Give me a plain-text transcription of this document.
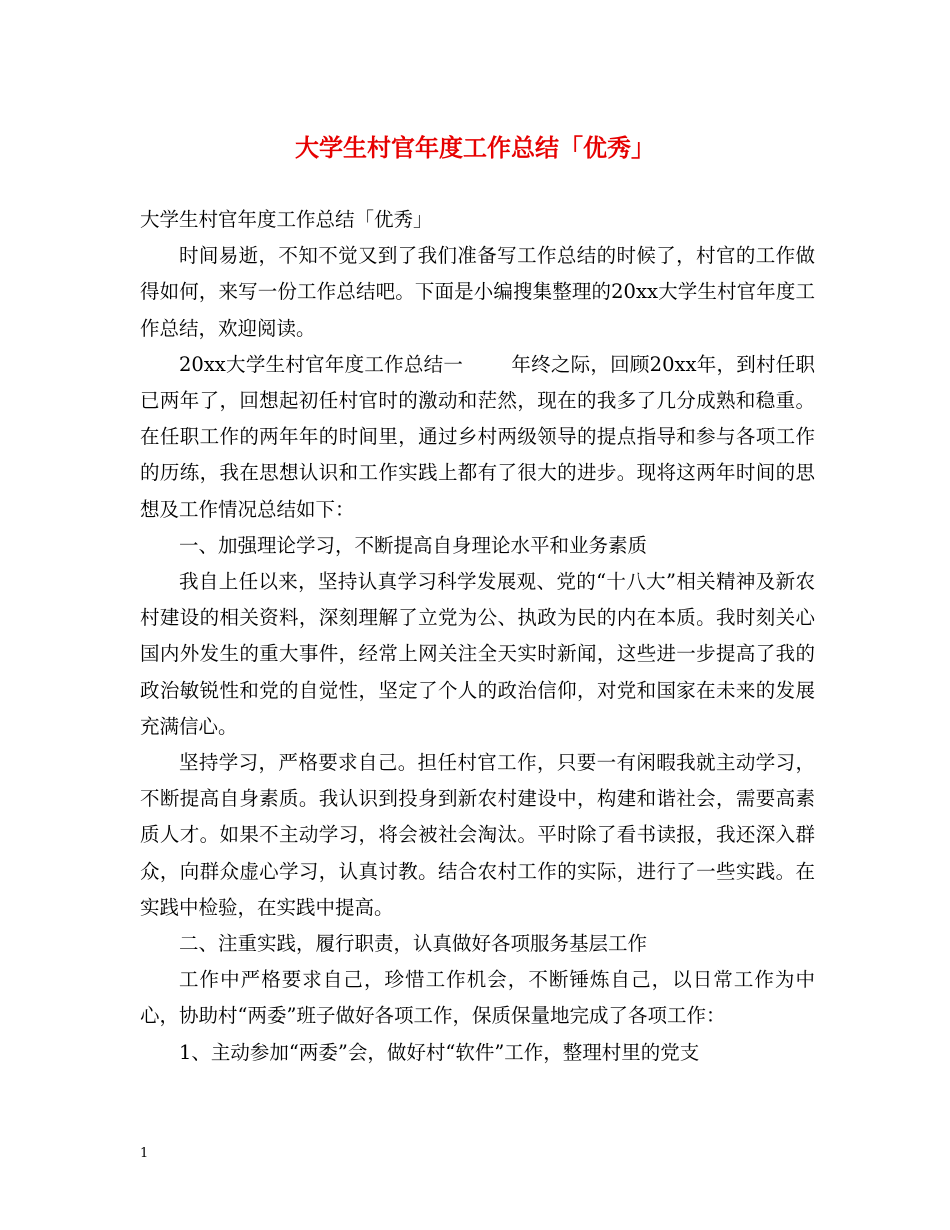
大学生村官年度工作总结「优秀」

大学生村官年度工作总结「优秀」

时间易逝，不知不觉又到了我们准备写工作总结的时候了，村官的工作做得如何，来写一份工作总结吧。下面是小编搜集整理的20xx大学生村官年度工作总结，欢迎阅读。

20xx大学生村官年度工作总结一 年终之际，回顾20xx年，到村任职已两年了，回想起初任村官时的激动和茫然，现在的我多了几分成熟和稳重。在任职工作的两年年的时间里，通过乡村两级领导的提点指导和参与各项工作的历练，我在思想认识和工作实践上都有了很大的进步。现将这两年时间的思想及工作情况总结如下：

一、加强理论学习，不断提高自身理论水平和业务素质

我自上任以来，坚持认真学习科学发展观、党的“十八大”相关精神及新农村建设的相关资料，深刻理解了立党为公、执政为民的内在本质。我时刻关心国内外发生的重大事件，经常上网关注全天实时新闻，这些进一步提高了我的政治敏锐性和党的自觉性，坚定了个人的政治信仰，对党和国家在未来的发展充满信心。

坚持学习，严格要求自己。担任村官工作，只要一有闲暇我就主动学习，不断提高自身素质。我认识到投身到新农村建设中，构建和谐社会，需要高素质人才。如果不主动学习，将会被社会淘汰。平时除了看书读报，我还深入群众，向群众虚心学习，认真讨教。结合农村工作的实际，进行了一些实践。在实践中检验，在实践中提高。

二、注重实践，履行职责，认真做好各项服务基层工作

工作中严格要求自己，珍惜工作机会，不断锤炼自己，以日常工作为中心，协助村“两委”班子做好各项工作，保质保量地完成了各项工作：

1、主动参加“两委”会，做好村“软件”工作，整理村里的党支

1
